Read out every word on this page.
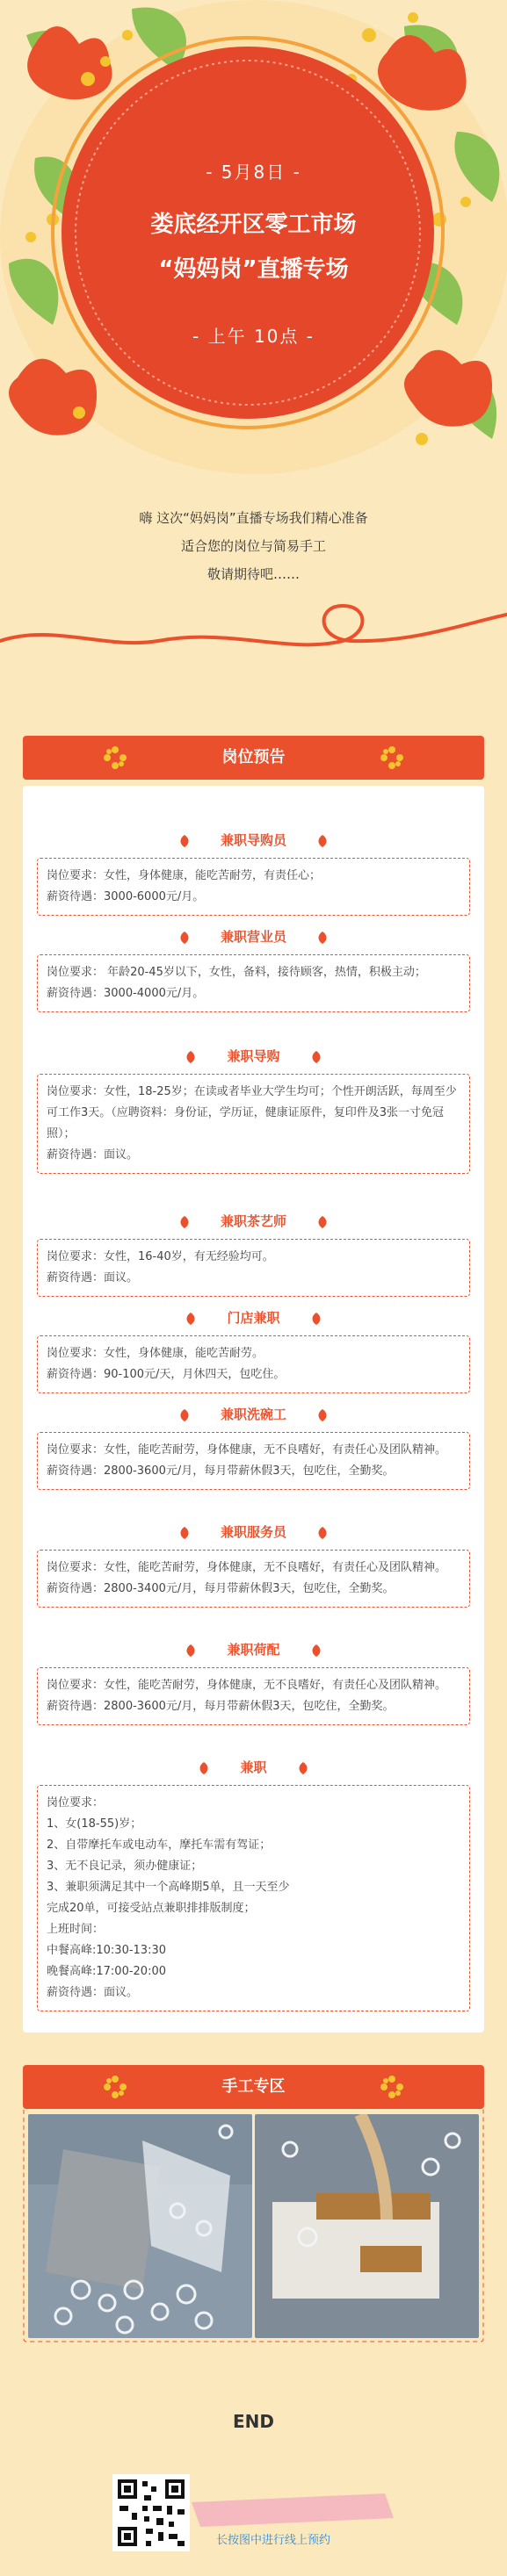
- 5月8日 -
娄底经开区零工市场
“妈妈岗”直播专场
- 上午 10点 -
嗨 这次“妈妈岗”直播专场我们精心准备
适合您的岗位与简易手工
敬请期待吧……
岗位预告
兼职导购员
岗位要求：女性，身体健康，能吃苦耐劳，有责任心；
薪资待遇：3000-6000元/月。
兼职营业员
岗位要求： 年龄20-45岁以下，女性，备料，接待顾客，热情，积极主动；
薪资待遇：3000-4000元/月。
兼职导购
岗位要求：女性，18-25岁；在读或者毕业大学生均可；个性开朗活跃，每周至少可工作3天。（应聘资料：身份证，学历证，健康证原件，复印件及3张一寸免冠照）；
薪资待遇：面议。
兼职茶艺师
岗位要求：女性，16-40岁，有无经验均可。
薪资待遇：面议。
门店兼职
岗位要求：女性，身体健康，能吃苦耐劳。
薪资待遇：90-100元/天，月休四天，包吃住。
兼职洗碗工
岗位要求：女性，能吃苦耐劳，身体健康，无不良嗜好，有责任心及团队精神。
薪资待遇：2800-3600元/月，每月带薪休假3天，包吃住，全勤奖。
兼职服务员
岗位要求：女性，能吃苦耐劳，身体健康，无不良嗜好，有责任心及团队精神。
薪资待遇：2800-3400元/月，每月带薪休假3天，包吃住，全勤奖。
兼职荷配
岗位要求：女性，能吃苦耐劳，身体健康，无不良嗜好，有责任心及团队精神。
薪资待遇：2800-3600元/月，每月带薪休假3天，包吃住，全勤奖。
兼职
岗位要求：
1、女(18-55)岁；
2、自带摩托车或电动车，摩托车需有驾证；
3、无不良记录，须办健康证；
3、兼职须满足其中一个高峰期5单，且一天至少
完成20单，可接受站点兼职排排版制度；
上班时间：
中餐高峰:10:30-13:30
晚餐高峰:17:00-20:00
薪资待遇：面议。
手工专区
END
长按图中进行线上预约
